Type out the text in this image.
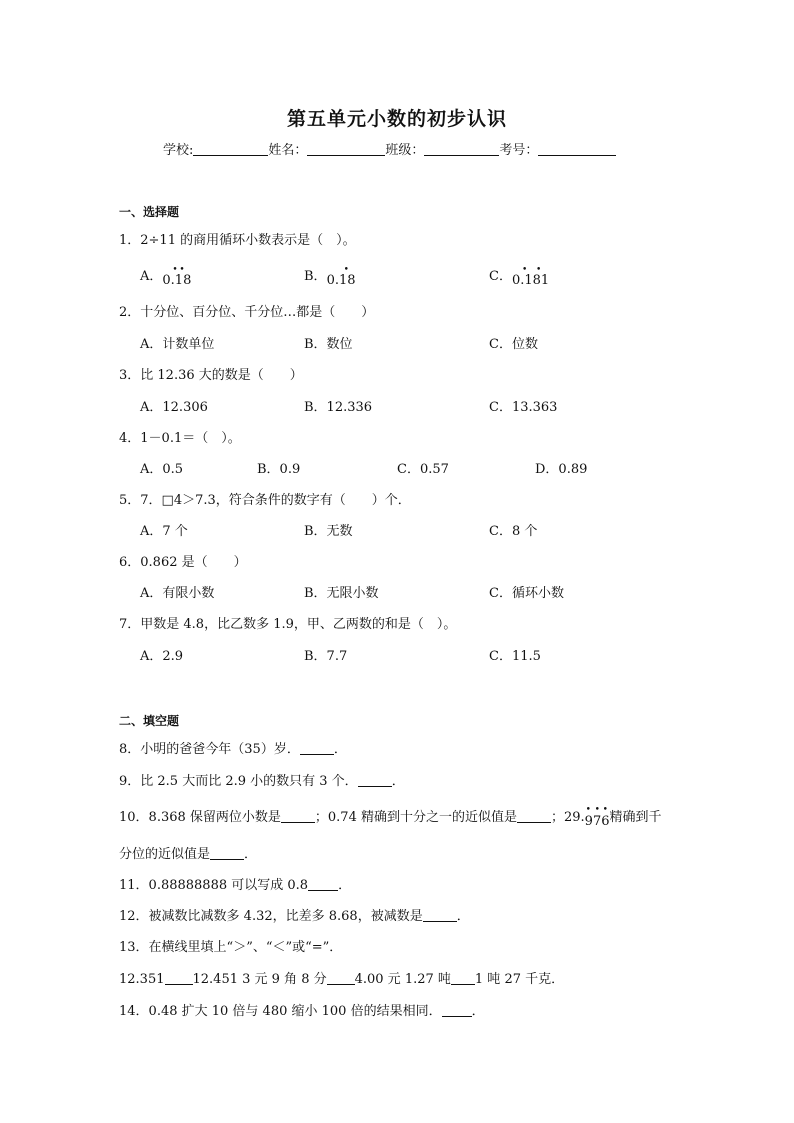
第五单元小数的初步认识
学校:	姓名：	班级：	考号：
一、选择题
1．2÷11 的商用循环小数表示是（　）。
A．0.18
• •	B．0.18
•	C．0.181
• •
2．十分位、百分位、千分位…都是（　　）
A．计数单位	B．数位	C．位数
3．比 12.36 大的数是（　　）
A．12.306	B．12.336	C．13.363
4．1－0.1＝（　）。
A．0.5	B．0.9	C．0.57	D．0.89
5．7．□4＞7.3，符合条件的数字有（　　）个．
A．7 个	B．无数	C．8 个
6．0.862 是（　　）
A．有限小数	B．无限小数	C．循环小数
7．甲数是 4.8，比乙数多 1.9，甲、乙两数的和是（　）。
A．2.9	B．7.7	C．11.5
二、填空题
8．小明的爸爸今年（35）岁．	．
9．比 2.5 大而比 2.9 小的数只有 3 个．	．
10．8.368 保留两位小数是	；0.74 精确到十分之一的近似值是	；29.976
• • • 精确到千
分位的近似值是	．
11．0.88888888 可以写成 0.8 ．
12．被减数比减数多 4.32，比差多 8.68，被减数是	．
13．在横线里填上“＞”、“＜”或“=”．
12.351 12.451 3 元 9 角 8 分 4.00 元 1.27 吨 1 吨 27 千克．
14．0.48 扩大 10 倍与 480 缩小 100 倍的结果相同． ．
